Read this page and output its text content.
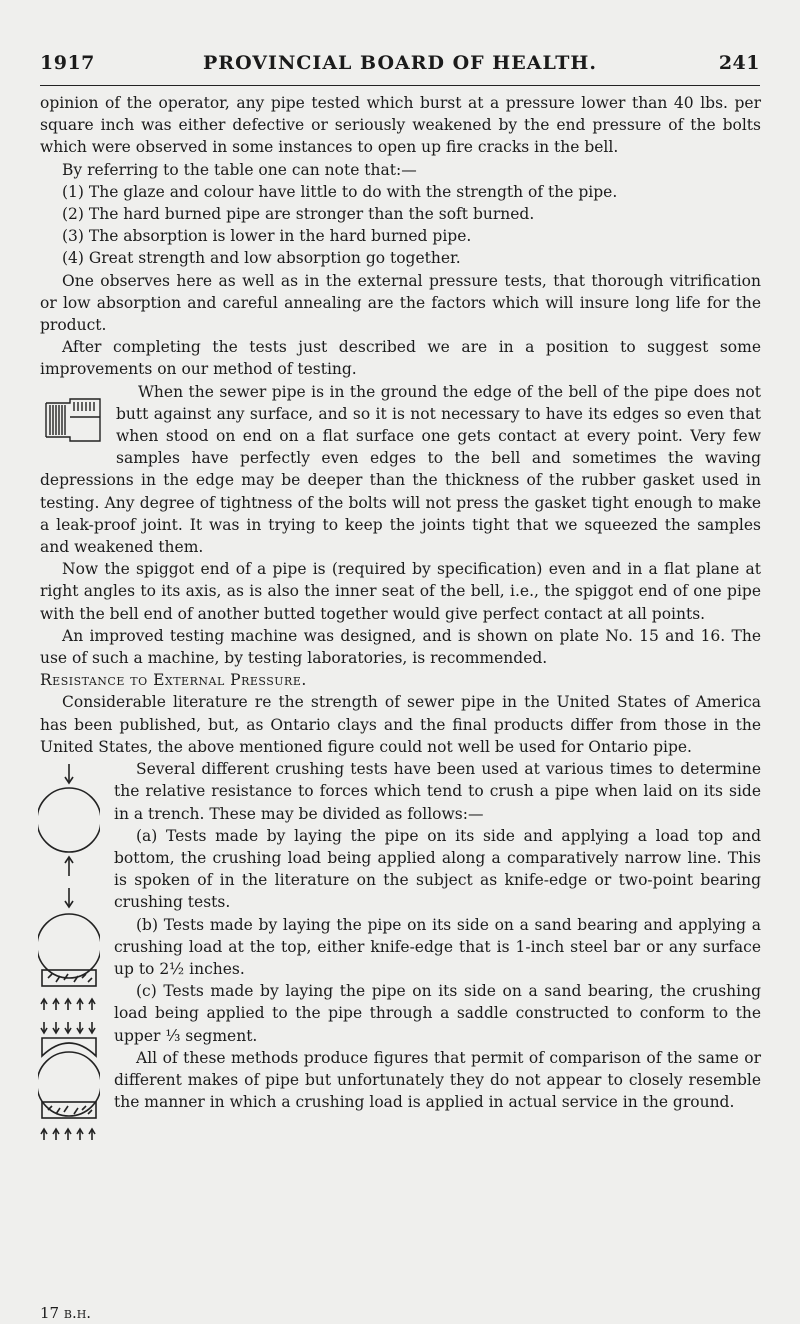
1917	PROVINCIAL BOARD OF HEALTH.	241

opinion of the operator, any pipe tested which burst at a pressure lower than 40 lbs. per square inch was either defective or seriously weakened by the end pressure of the bolts which were observed in some instances to open up fire cracks in the bell.

By referring to the table one can note that:—

(1) The glaze and colour have little to do with the strength of the pipe.

(2) The hard burned pipe are stronger than the soft burned.

(3) The absorption is lower in the hard burned pipe.

(4) Great strength and low absorption go together.

One observes here as well as in the external pressure tests, that thorough vitrification or low absorption and careful annealing are the factors which will insure long life for the product.

After completing the tests just described we are in a position to suggest some improvements on our method of testing.

When the sewer pipe is in the ground the edge of the bell of the pipe does not butt against any surface, and so it is not necessary to have its edges so even that when stood on end on a flat surface one gets contact at every point. Very few samples have perfectly even edges to the bell and sometimes the waving depressions in the edge may be deeper than the thickness of the rubber gasket used in testing. Any degree of tightness of the bolts will not press the gasket tight enough to make a leak-proof joint. It was in trying to keep the joints tight that we squeezed the samples and weakened them.

Now the spiggot end of a pipe is (required by specification) even and in a flat plane at right angles to its axis, as is also the inner seat of the bell, i.e., the spiggot end of one pipe with the bell end of another butted together would give perfect contact at all points.

An improved testing machine was designed, and is shown on plate No. 15 and 16. The use of such a machine, by testing laboratories, is recommended.

Resistance to External Pressure.

Considerable literature re the strength of sewer pipe in the United States of America has been published, but, as Ontario clays and the final products differ from those in the United States, the above mentioned figure could not well be used for Ontario pipe.

Several different crushing tests have been used at various times to determine the relative resistance to forces which tend to crush a pipe when laid on its side in a trench. These may be divided as follows:—

(a) Tests made by laying the pipe on its side and applying a load top and bottom, the crushing load being applied along a comparatively narrow line. This is spoken of in the literature on the subject as knife-edge or two-point bearing crushing tests.

(b) Tests made by laying the pipe on its side on a sand bearing and applying a crushing load at the top, either knife-edge that is 1-inch steel bar or any surface up to 2½ inches.

(c) Tests made by laying the pipe on its side on a sand bearing, the crushing load being applied to the pipe through a saddle constructed to conform to the upper ⅓ segment.

All of these methods produce figures that permit of comparison of the same or different makes of pipe but unfortunately they do not appear to closely resemble the manner in which a crushing load is applied in actual service in the ground.

17 b.h.
